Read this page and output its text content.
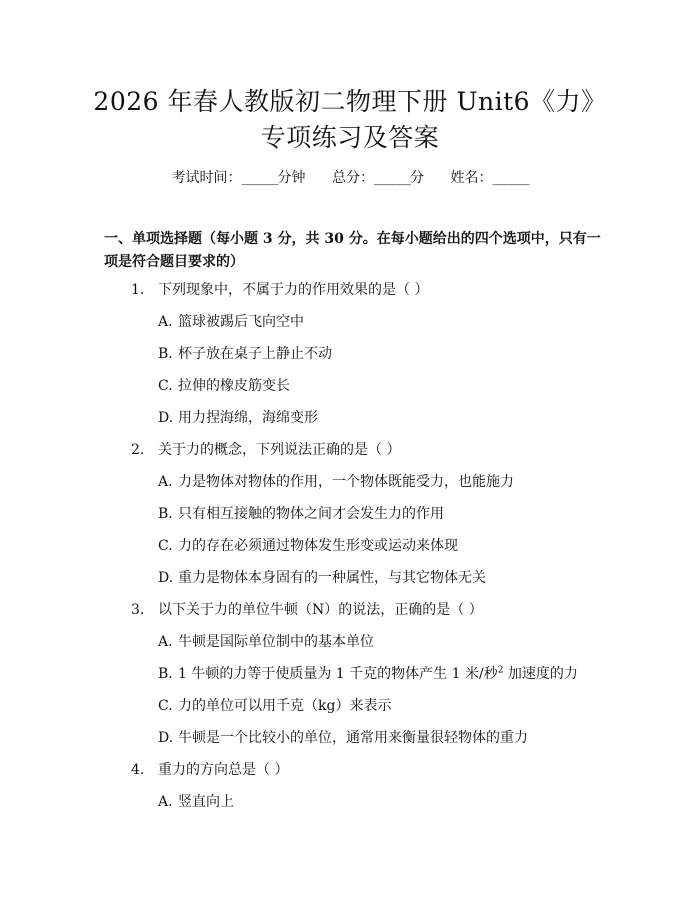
2026 年春人教版初二物理下册 Unit6《力》
专项练习及答案
考试时间：______分钟 总分：______分 姓名：______
一、单项选择题（每小题 3 分，共 30 分。在每小题给出的四个选项中，只有一项是符合题目要求的）
1. 下列现象中，不属于力的作用效果的是（ ）
A. 篮球被踢后飞向空中
B. 杯子放在桌子上静止不动
C. 拉伸的橡皮筋变长
D. 用力捏海绵，海绵变形
2. 关于力的概念，下列说法正确的是（ ）
A. 力是物体对物体的作用，一个物体既能受力，也能施力
B. 只有相互接触的物体之间才会发生力的作用
C. 力的存在必须通过物体发生形变或运动来体现
D. 重力是物体本身固有的一种属性，与其它物体无关
3. 以下关于力的单位牛顿（N）的说法，正确的是（ ）
A. 牛顿是国际单位制中的基本单位
B. 1 牛顿的力等于使质量为 1 千克的物体产生 1 米/秒$^2$ 加速度的力
C. 力的单位可以用千克（kg）来表示
D. 牛顿是一个比较小的单位，通常用来衡量很轻物体的重力
4. 重力的方向总是（ ）
A. 竖直向上
